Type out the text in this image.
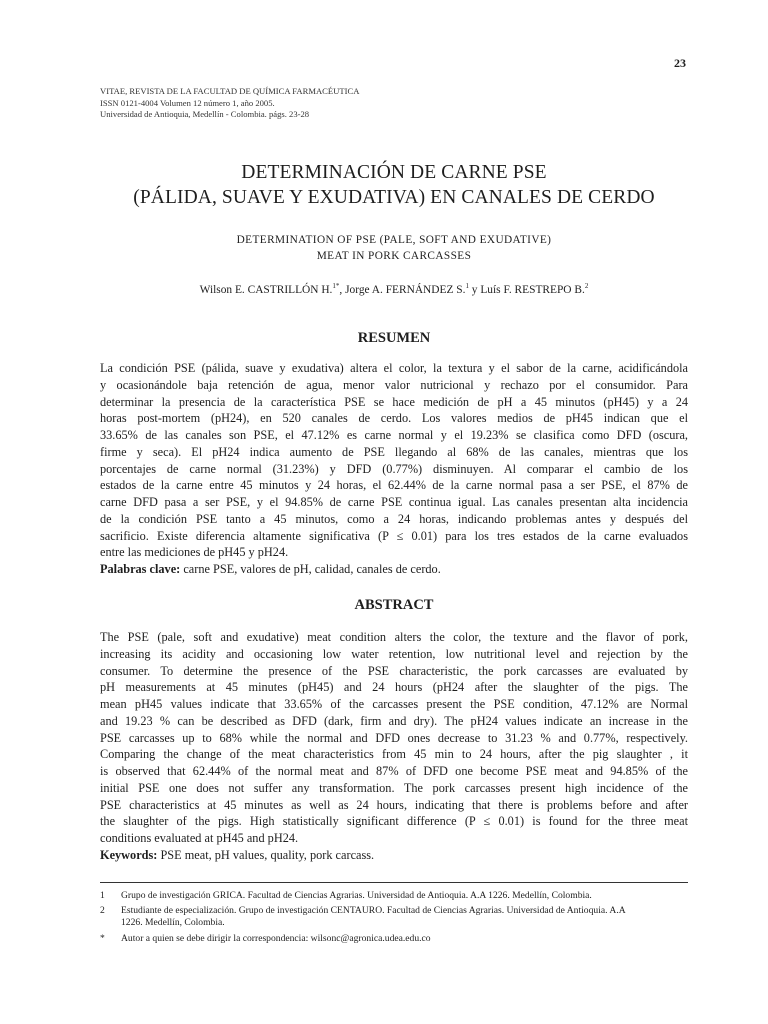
23
VITAE, REVISTA DE LA FACULTAD DE QUÍMICA FARMACÉUTICA
ISSN 0121-4004 Volumen 12 número 1, año 2005.
Universidad de Antioquia, Medellín - Colombia. págs. 23-28
DETERMINACIÓN DE CARNE PSE
(PÁLIDA, SUAVE Y EXUDATIVA) EN CANALES DE CERDO
DETERMINATION OF PSE (PALE, SOFT AND EXUDATIVE)
MEAT IN PORK CARCASSES
Wilson E. CASTRILLÓN H.$^{1*}$, Jorge A. FERNÁNDEZ S.$^1$ y Luís F. RESTREPO B.$^2$
RESUMEN
La condición PSE (pálida, suave y exudativa) altera el color, la textura y el sabor de la carne, acidificándola
y ocasionándole baja retención de agua, menor valor nutricional y rechazo por el consumidor. Para
determinar la presencia de la característica PSE se hace medición de pH a 45 minutos (pH45) y a 24
horas post-mortem (pH24), en 520 canales de cerdo. Los valores medios de pH45 indican que el
33.65% de las canales son PSE, el 47.12% es carne normal y el 19.23% se clasifica como DFD (oscura,
firme y seca). El pH24 indica aumento de PSE llegando al 68% de las canales, mientras que los
porcentajes de carne normal (31.23%) y DFD (0.77%) disminuyen. Al comparar el cambio de los
estados de la carne entre 45 minutos y 24 horas, el 62.44% de la carne normal pasa a ser PSE, el 87% de
carne DFD pasa a ser PSE, y el 94.85% de carne PSE continua igual. Las canales presentan alta incidencia
de la condición PSE tanto a 45 minutos, como a 24 horas, indicando problemas antes y después del
sacrificio. Existe diferencia altamente significativa (P ≤ 0.01) para los tres estados de la carne evaluados
entre las mediciones de pH45 y pH24.
Palabras clave: carne PSE, valores de pH, calidad, canales de cerdo.
ABSTRACT
The PSE (pale, soft and exudative) meat condition alters the color, the texture and the flavor of pork,
increasing its acidity and occasioning low water retention, low nutritional level and rejection by the
consumer. To determine the presence of the PSE characteristic, the pork carcasses are evaluated by
pH measurements at 45 minutes (pH45) and 24 hours (pH24 after the slaughter of the pigs. The
mean pH45 values indicate that 33.65% of the carcasses present the PSE condition, 47.12% are Normal
and 19.23 % can be described as DFD (dark, firm and dry). The pH24 values indicate an increase in the
PSE carcasses up to 68% while the normal and DFD ones decrease to 31.23 % and 0.77%, respectively.
Comparing the change of the meat characteristics from 45 min to 24 hours, after the pig slaughter , it
is observed that 62.44% of the normal meat and 87% of DFD one become PSE meat and 94.85% of the
initial PSE one does not suffer any transformation. The pork carcasses present high incidence of the
PSE characteristics at 45 minutes as well as 24 hours, indicating that there is problems before and after
the slaughter of the pigs. High statistically significant difference (P ≤ 0.01) is found for the three meat
conditions evaluated at pH45 and pH24.
Keywords: PSE meat, pH values, quality, pork carcass.
1 Grupo de investigación GRICA. Facultad de Ciencias Agrarias. Universidad de Antioquia. A.A 1226. Medellín, Colombia.
2 Estudiante de especialización. Grupo de investigación CENTAURO. Facultad de Ciencias Agrarias. Universidad de Antioquia. A.A
1226. Medellín, Colombia.
* Autor a quien se debe dirigir la correspondencia: wilsonc@agronica.udea.edu.co
